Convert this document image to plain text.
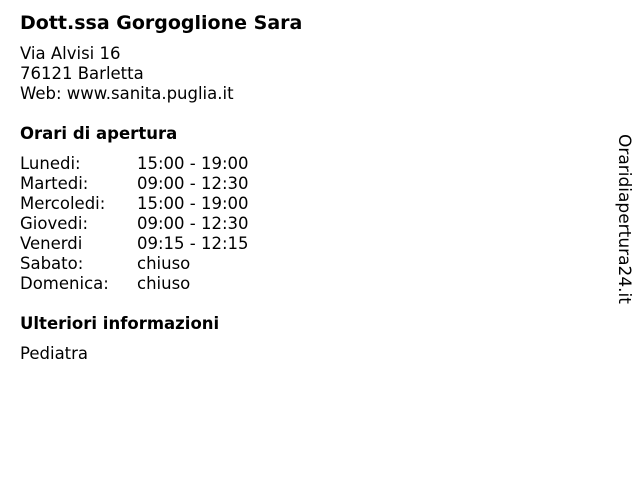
Dott.ssa Gorgoglione Sara
Via Alvisi 16
76121 Barletta
Web: www.sanita.puglia.it
Orari di apertura
Lunedi:	15:00 - 19:00
Martedi:	09:00 - 12:30
Mercoledi:	15:00 - 19:00
Giovedi:	09:00 - 12:30
Venerdi	09:15 - 12:15
Sabato:	chiuso
Domenica:	chiuso
Ulteriori informazioni
Pediatra
Oraridiapertura24.it
